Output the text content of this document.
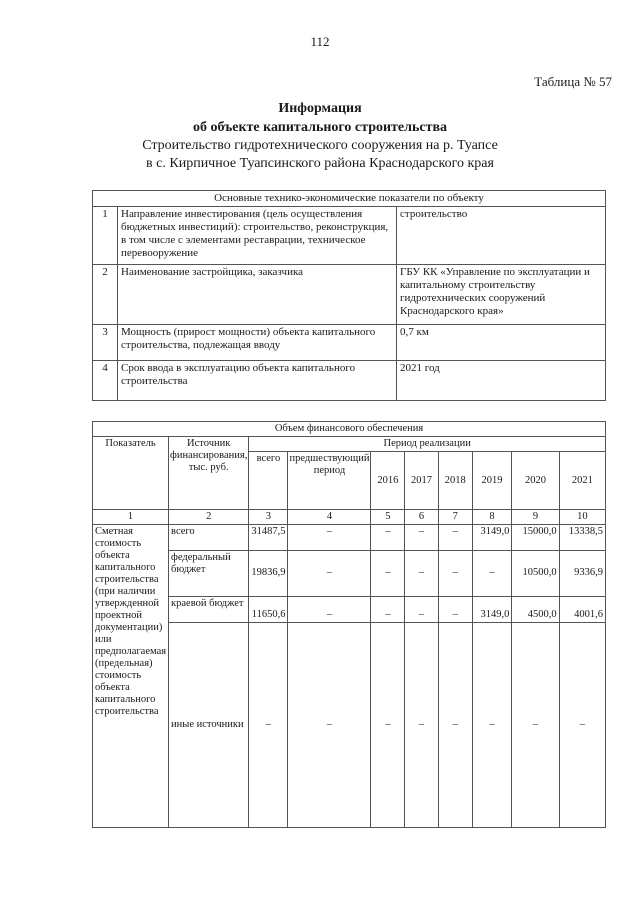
112
Таблица № 57
Информация
об объекте капитального строительства
Строительство гидротехнического сооружения на р. Туапсе
в с. Кирпичное Туапсинского района Краснодарского края
Основные технико-экономические показатели по объекту		
1	Направление инвестирования (цель осуществления бюджетных инвестиций): строительство, реконструкция, в том числе с элементами реставрации, техническое перевооружение	строительство
2	Наименование застройщика, заказчика	ГБУ КК «Управление по эксплуатации и капитальному строительству гидротехнических сооружений Краснодарского края»
3	Мощность (прирост мощности) объекта капитального строительства, подлежащая вводу	0,7 км
4	Срок ввода в эксплуатацию объекта капитального строительства	2021 год
Объем финансового обеспечения									
Показатель	Источник финансирования, тыс. руб.	Период реализации							
		всего	предшествующий период	2016	2017	2018	2019	2020	2021
1	2	3	4	5	6	7	8	9	10
Сметная стоимость объекта капитального строительства (при наличии утвержденной проектной документации) или предполагаемая (предельная) стоимость объекта капитального строительства	всего	31487,5	–	–	–	–	3149,0	15000,0	13338,5
	федеральный бюджет	19836,9	–	–	–	–	–	10500,0	9336,9
	краевой бюджет	11650,6	–	–	–	–	3149,0	4500,0	4001,6
	иные источники	–	–	–	–	–	–	–	–
